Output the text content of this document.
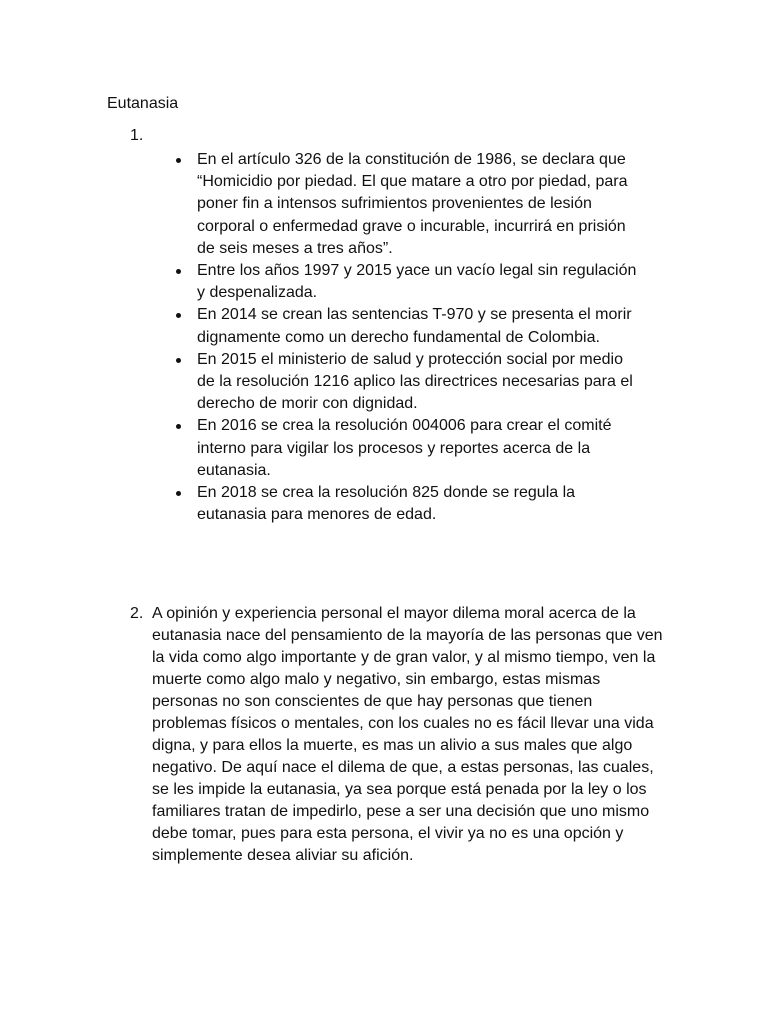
Eutanasia
1.
En el artículo 326 de la constitución de 1986, se declara que “Homicidio por piedad. El que matare a otro por piedad, para poner fin a intensos sufrimientos provenientes de lesión corporal o enfermedad grave o incurable, incurrirá en prisión de seis meses a tres años”.
Entre los años 1997 y 2015 yace un vacío legal sin regulación y despenalizada.
En 2014 se crean las sentencias T-970 y se presenta el morir dignamente como un derecho fundamental de Colombia.
En 2015 el ministerio de salud y protección social por medio de la resolución 1216 aplico las directrices necesarias para el derecho de morir con dignidad.
En 2016 se crea la resolución 004006 para crear el comité interno para vigilar los procesos y reportes acerca de la eutanasia.
En 2018 se crea la resolución 825 donde se regula la eutanasia para menores de edad.
2. A opinión y experiencia personal el mayor dilema moral acerca de la eutanasia nace del pensamiento de la mayoría de las personas que ven la vida como algo importante y de gran valor, y al mismo tiempo, ven la muerte como algo malo y negativo, sin embargo, estas mismas personas no son conscientes de que hay personas que tienen problemas físicos o mentales, con los cuales no es fácil llevar una vida digna, y para ellos la muerte, es mas un alivio a sus males que algo negativo. De aquí nace el dilema de que, a estas personas, las cuales, se les impide la eutanasia, ya sea porque está penada por la ley o los familiares tratan de impedirlo, pese a ser una decisión que uno mismo debe tomar, pues para esta persona, el vivir ya no es una opción y simplemente desea aliviar su afición.
